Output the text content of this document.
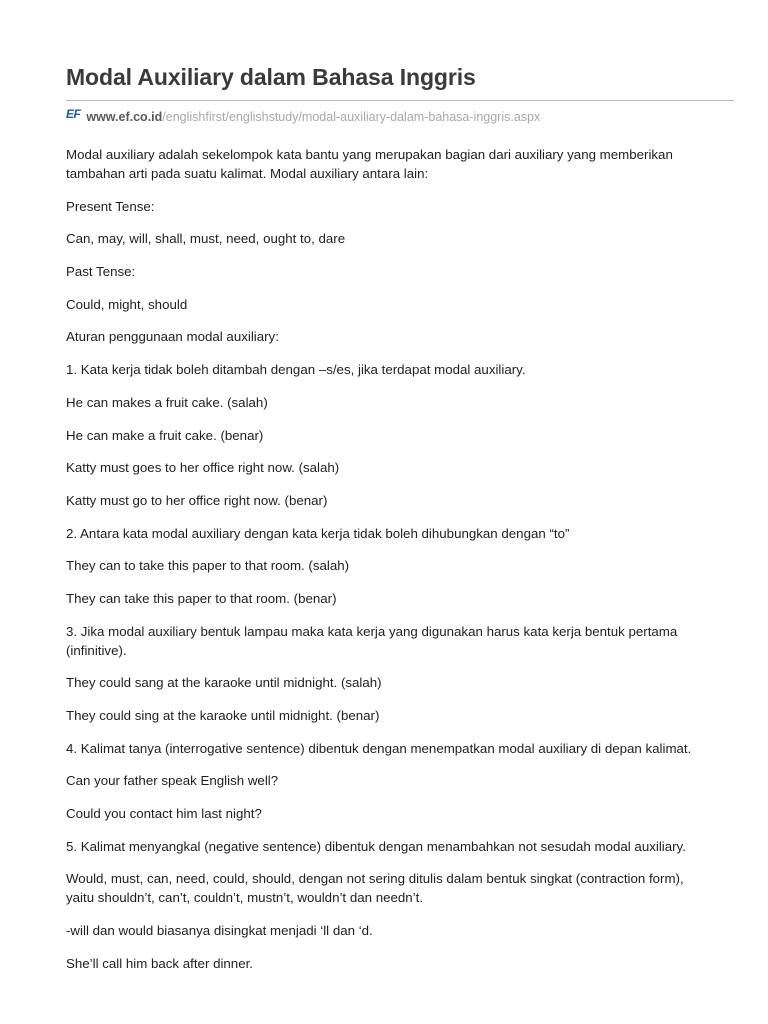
Modal Auxiliary dalam Bahasa Inggris
EF www.ef.co.id/englishfirst/englishstudy/modal-auxiliary-dalam-bahasa-inggris.aspx

Modal auxiliary adalah sekelompok kata bantu yang merupakan bagian dari auxiliary yang memberikan
tambahan arti pada suatu kalimat. Modal auxiliary antara lain:

Present Tense:

Can, may, will, shall, must, need, ought to, dare

Past Tense:

Could, might, should

Aturan penggunaan modal auxiliary:

1. Kata kerja tidak boleh ditambah dengan –s/es, jika terdapat modal auxiliary.

He can makes a fruit cake. (salah)

He can make a fruit cake. (benar)

Katty must goes to her office right now. (salah)

Katty must go to her office right now. (benar)

2. Antara kata modal auxiliary dengan kata kerja tidak boleh dihubungkan dengan “to”

They can to take this paper to that room. (salah)

They can take this paper to that room. (benar)

3. Jika modal auxiliary bentuk lampau maka kata kerja yang digunakan harus kata kerja bentuk pertama
(infinitive).

They could sang at the karaoke until midnight. (salah)

They could sing at the karaoke until midnight. (benar)

4. Kalimat tanya (interrogative sentence) dibentuk dengan menempatkan modal auxiliary di depan kalimat.

Can your father speak English well?

Could you contact him last night?

5. Kalimat menyangkal (negative sentence) dibentuk dengan menambahkan not sesudah modal auxiliary.

Would, must, can, need, could, should, dengan not sering ditulis dalam bentuk singkat (contraction form),
yaitu shouldn’t, can’t, couldn’t, mustn’t, wouldn’t dan needn’t.

-will dan would biasanya disingkat menjadi ‘ll dan ‘d.

She’ll call him back after dinner.
